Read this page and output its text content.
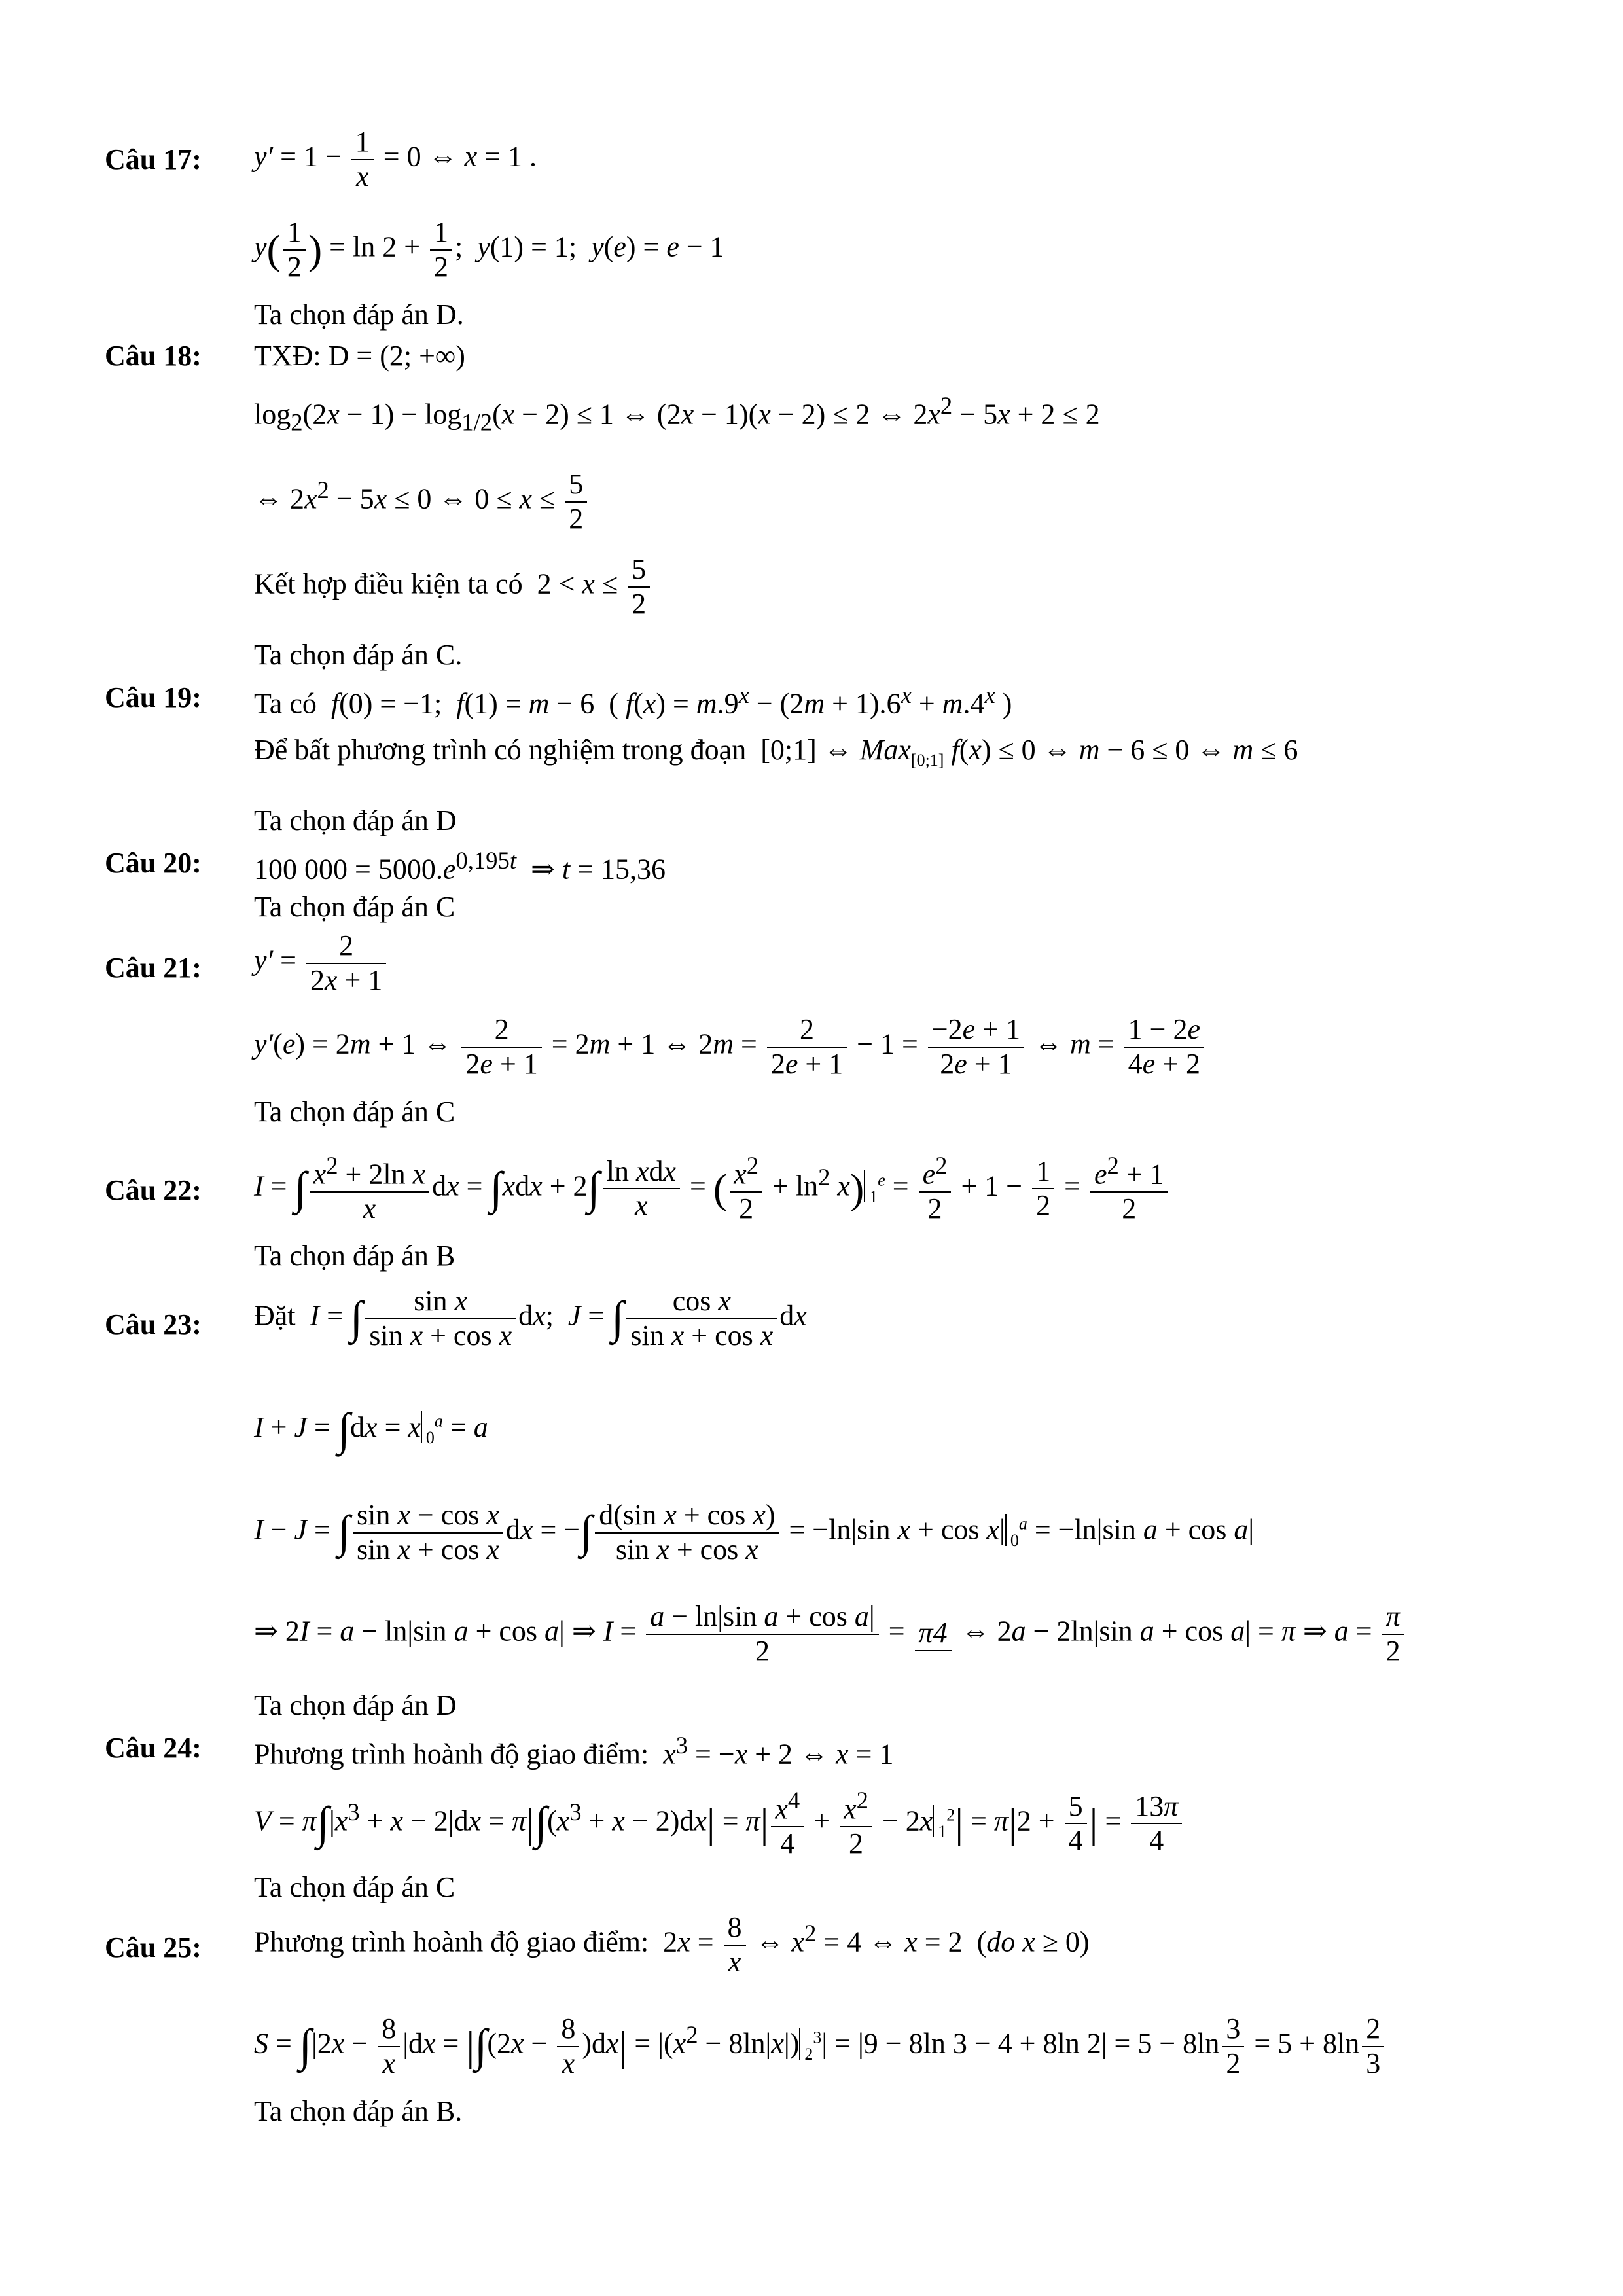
Câu 17: $y' = 1 - \frac{1}{x} = 0$ ⇔ x = 1 .
$y( \frac{1}{2}$ ) = $\ln 2 + \frac{1}{2}$ ;  y(1) = 1;  y(e) = e − 1
Ta chọn đáp án D.
Câu 18: TXĐ: D = (2; +∞)
$\log_2(2x - 1) - \log_{1/2}(x - 2) \le 1$ ⇔ (2x − 1)(x − 2) ≤ 2 ⇔ $2x^2 - 5x + 2 \le 2$
⇔ $2x^2 - 5x \le 0$ ⇔ $0 \le x \le \frac{5}{2}$
Kết hợp điều kiện ta có  $2 < x \le \frac{5}{2}$
Ta chọn đáp án C.
Câu 19: Ta có  f(0) = −1;  f(1) = m − 6  ( $f(x) = m.9^x - (2m + 1).6^x + m.4^x$ )
Để bất phương trình có nghiệm trong đoạn  [0;1] ⇔ Max$_{[0;1]}$ f(x) ≤ 0 ⇔ m − 6 ≤ 0 ⇔ m ≤ 6
Ta chọn đáp án D
Câu 20: 100 $000 = 5000.e^{0,195t}$  ⇒ t = 15,36
Ta chọn đáp án C
Câu 21: $y' = \frac{2}{2x + 1}$
y′(e) = 2m + 1 ⇔ $\frac{2}{2e + 1} = 2m + 1$ ⇔ $2m = \frac{2}{2e + 1} - 1 = \frac{-2e + 1}{2e + 1}$ ⇔ $m = \frac{1 - 2e}{4e + 2}$
Ta chọn đáp án C
Câu 22: I = ∫ $\frac{x^2 + 2\ln x}{x}$ dx = $\int xdx + 2\int \frac{\text{ln xdx}}{x}$ = ( $\frac{x^2}{2} + \ln^2 x$) $_1^e = \frac{e^2}{2} + 1 - \frac{1}{2} = \frac{e^2 + 1}{2}$
Ta chọn đáp án B
Câu 23: Đặt  I = ∫ $\frac{\text{sin x}}{\text{sin x + cos x}}$ dx;  J = ∫ $\frac{\text{cos x}}{\text{sin x + cos x}}$ dx
I + J = ∫dx = x $_0^a$ = a
I − J = ∫ $\frac{\text{sin x − cos x}}{\text{sin x + cos x}}$ dx = −∫ $\frac{\text{d(sin x + cos x)}}{\text{sin x + cos x}} = -\ln|\sin$ x + cos x| $_0^a$ = −ln|sin a + cos a|
⇒ 2I = a − ln|sin a + cos a| ⇒ $I = \frac{\text{a − ln|sin a + cos a|}}{2} = \pi 4$ ⇔ 2a − 2ln|sin a + cos a| = π ⇒ $a = \frac{\pi}{2}$
Ta chọn đáp án D
Câu 24: Phương trình hoành độ giao điểm:  $x^3 = -x + 2$ ⇔ x = 1
$V = \pi\int|x^3 + x - 2|dx = \pi|\int(x^3 + x - 2)dx| = \pi| \frac{x^4}{4} + \frac{x^2}{2} - 2x$ $_1^2| = \pi|2 + \frac{5}{4}$ | = $\frac{13\pi}{4}$
Ta chọn đáp án C
Câu 25: Phương trình hoành độ giao điểm:  $2x = \frac{8}{x}$ ⇔ $x^2 = 4$ ⇔ x = 2  (do x ≥ 0)
$S = \int|2x - \frac{8}{x} |dx = |\int(2x - \frac{8}{x} )dx| = |(x^2 - 8\ln|x|) _2^3| = |9 - 8\ln$ 3 − 4 + 8ln $2| = 5 - 8\ln \frac{3}{2} = 5 + 8\ln \frac{2}{3}$
Ta chọn đáp án B.
